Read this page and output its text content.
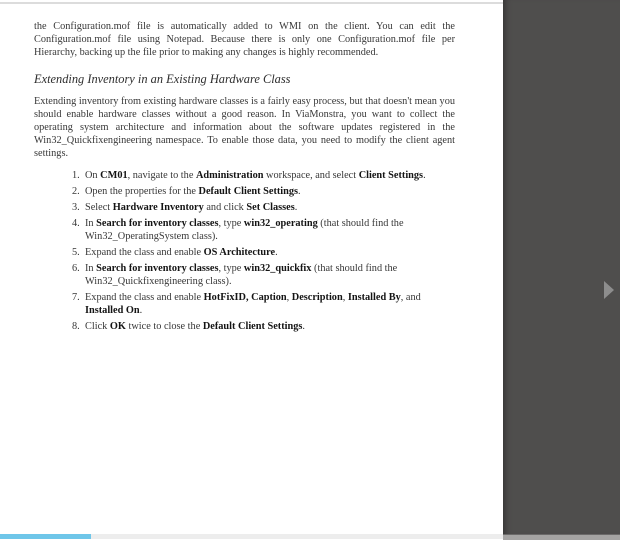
the Configuration.mof file is automatically added to WMI on the client. You can edit the Configuration.mof file using Notepad. Because there is only one Configuration.mof file per Hierarchy, backing up the file prior to making any changes is highly recommended.

Extending Inventory in an Existing Hardware Class

Extending inventory from existing hardware classes is a fairly easy process, but that doesn't mean you should enable hardware classes without a good reason. In ViaMonstra, you want to collect the operating system architecture and information about the software updates registered in the Win32_Quickfixengineering namespace. To enable those data, you need to modify the client agent settings.

1. On CM01, navigate to the Administration workspace, and select Client Settings.
2. Open the properties for the Default Client Settings.
3. Select Hardware Inventory and click Set Classes.
4. In Search for inventory classes, type win32_operating (that should find the Win32_OperatingSystem class).
5. Expand the class and enable OS Architecture.
6. In Search for inventory classes, type win32_quickfix (that should find the Win32_Quickfixengineering class).
7. Expand the class and enable HotFixID, Caption, Description, Installed By, and Installed On.
8. Click OK twice to close the Default Client Settings.
